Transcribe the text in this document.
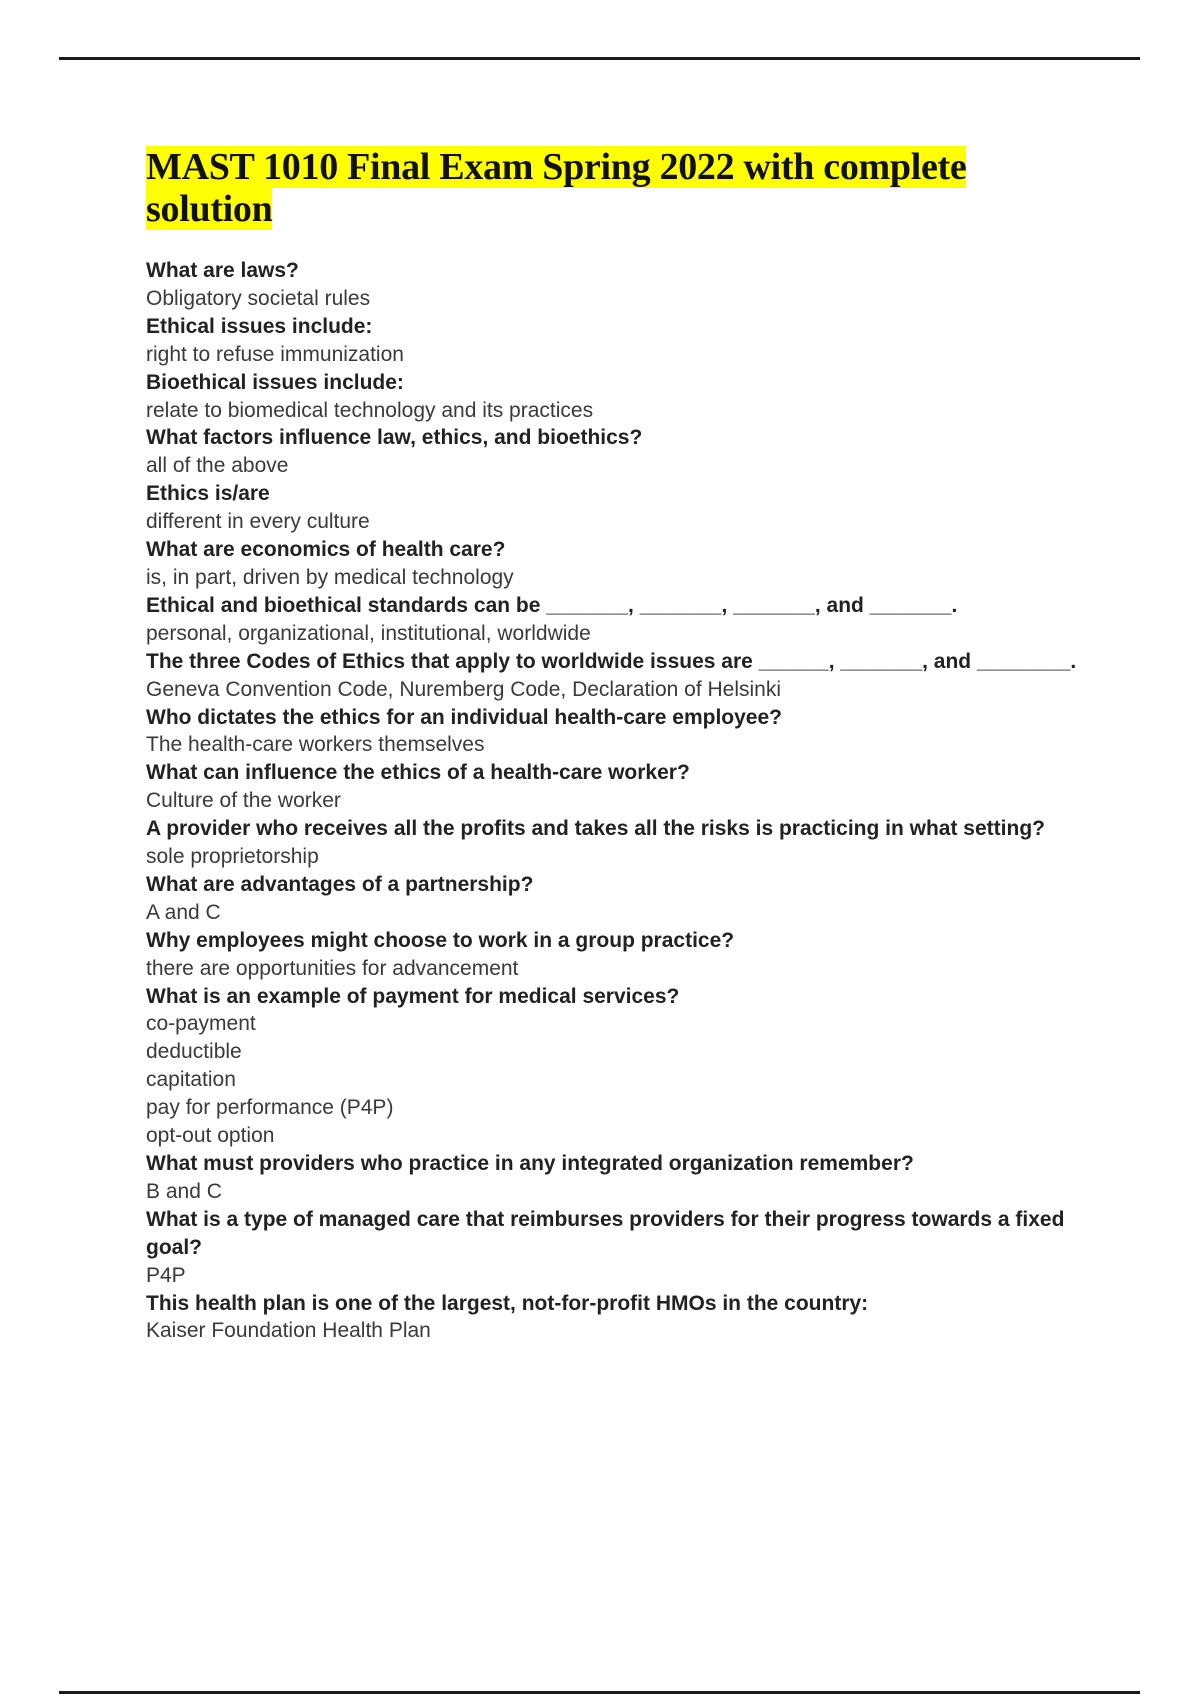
MAST 1010 Final Exam Spring 2022 with complete solution
What are laws?
Obligatory societal rules
Ethical issues include:
right to refuse immunization
Bioethical issues include:
relate to biomedical technology and its practices
What factors influence law, ethics, and bioethics?
all of the above
Ethics is/are
different in every culture
What are economics of health care?
is, in part, driven by medical technology
Ethical and bioethical standards can be _______, _______, _______, and _______.
personal, organizational, institutional, worldwide
The three Codes of Ethics that apply to worldwide issues are ______, _______, and ________.
Geneva Convention Code, Nuremberg Code, Declaration of Helsinki
Who dictates the ethics for an individual health-care employee?
The health-care workers themselves
What can influence the ethics of a health-care worker?
Culture of the worker
A provider who receives all the profits and takes all the risks is practicing in what setting?
sole proprietorship
What are advantages of a partnership?
A and C
Why employees might choose to work in a group practice?
there are opportunities for advancement
What is an example of payment for medical services?
co-payment
deductible
capitation
pay for performance (P4P)
opt-out option
What must providers who practice in any integrated organization remember?
B and C
What is a type of managed care that reimburses providers for their progress towards a fixed goal?
P4P
This health plan is one of the largest, not-for-profit HMOs in the country:
Kaiser Foundation Health Plan
